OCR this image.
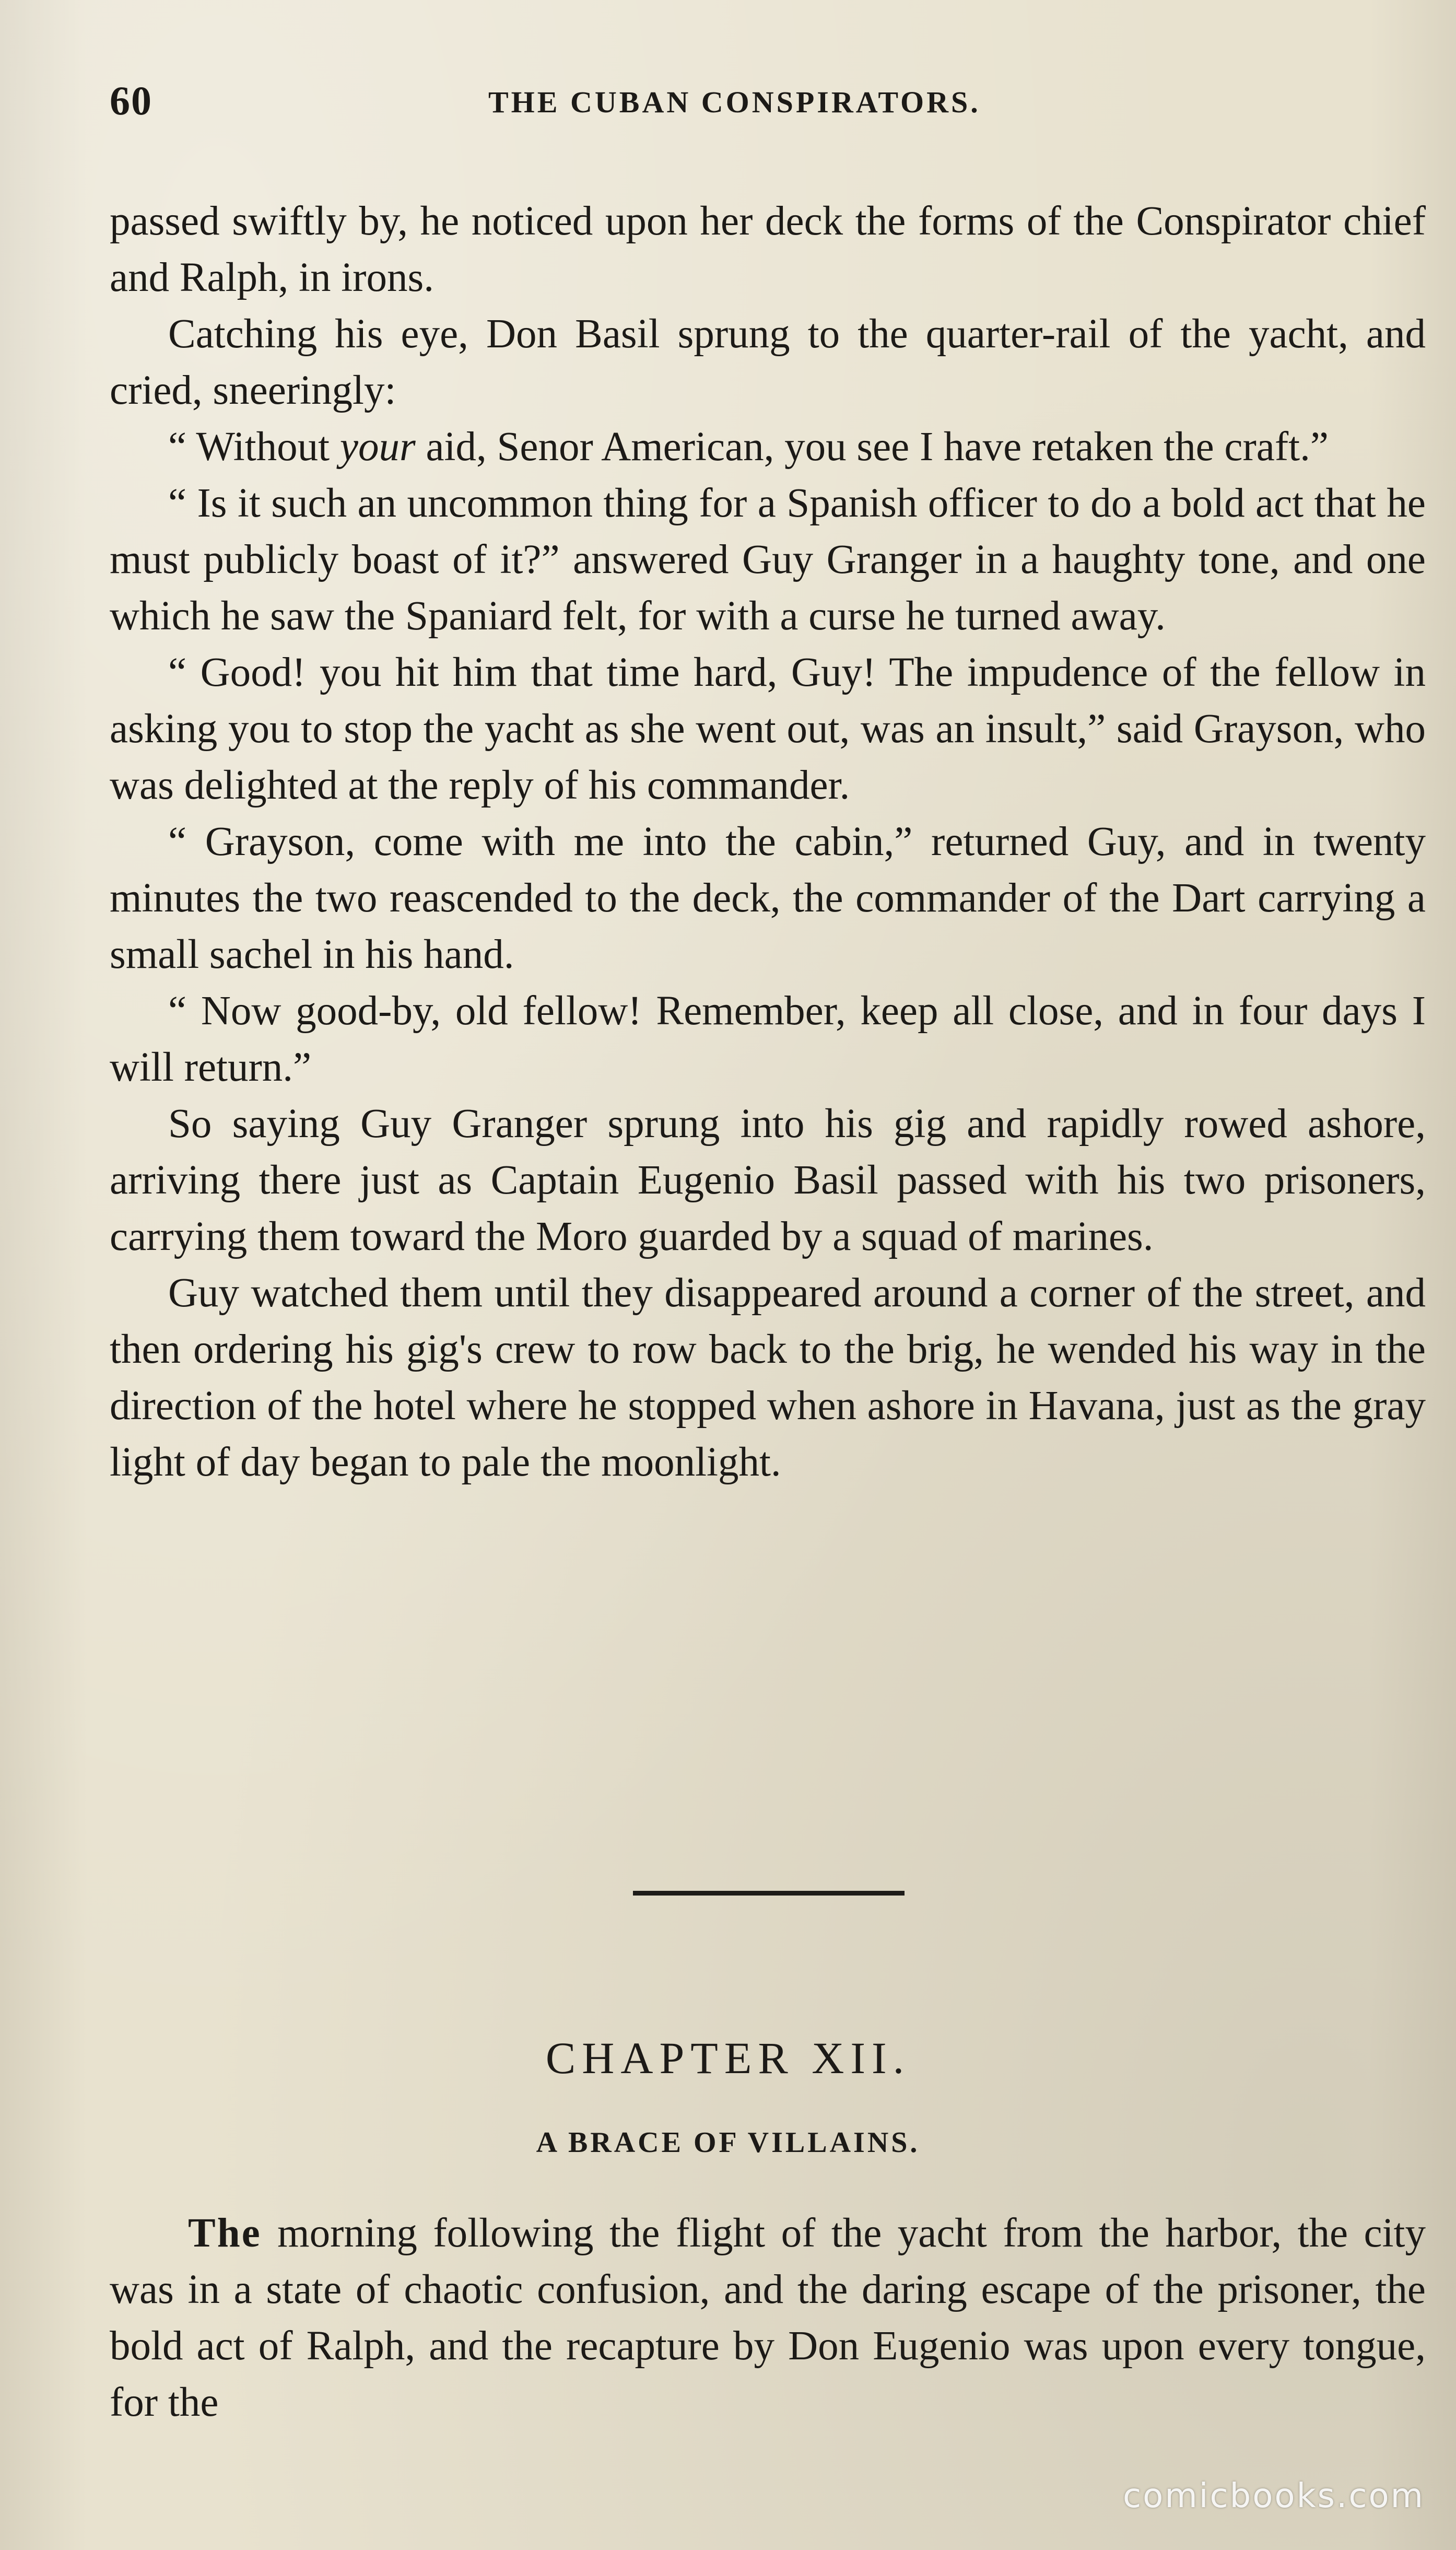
60	THE CUBAN CONSPIRATORS.

passed swiftly by, he noticed upon her deck the forms of the Conspirator chief and Ralph, in irons.

Catching his eye, Don Basil sprung to the quarter-rail of the yacht, and cried, sneeringly:

“ Without your aid, Senor American, you see I have retaken the craft.”

“ Is it such an uncommon thing for a Spanish officer to do a bold act that he must publicly boast of it?” answered Guy Granger in a haughty tone, and one which he saw the Spaniard felt, for with a curse he turned away.

“ Good! you hit him that time hard, Guy! The impudence of the fellow in asking you to stop the yacht as she went out, was an insult,” said Grayson, who was delighted at the reply of his commander.

“ Grayson, come with me into the cabin,” returned Guy, and in twenty minutes the two reascended to the deck, the commander of the Dart carrying a small sachel in his hand.

“ Now good-by, old fellow! Remember, keep all close, and in four days I will return.”

So saying Guy Granger sprung into his gig and rapidly rowed ashore, arriving there just as Captain Eugenio Basil passed with his two prisoners, carrying them toward the Moro guarded by a squad of marines.

Guy watched them until they disappeared around a corner of the street, and then ordering his gig's crew to row back to the brig, he wended his way in the direction of the hotel where he stopped when ashore in Havana, just as the gray light of day began to pale the moonlight.

CHAPTER XII.
A BRACE OF VILLAINS.

The morning following the flight of the yacht from the harbor, the city was in a state of chaotic confusion, and the daring escape of the prisoner, the bold act of Ralph, and the recapture by Don Eugenio was upon every tongue, for the

comicbooks.com
